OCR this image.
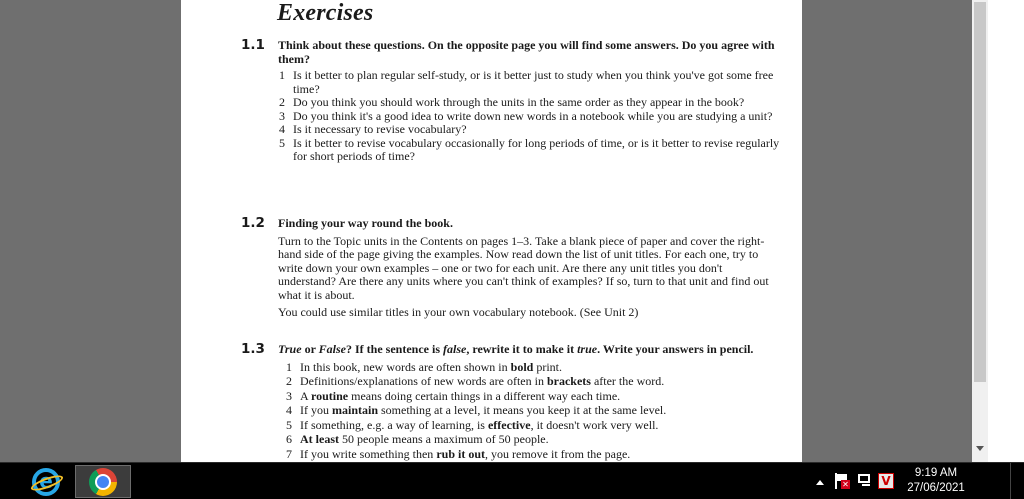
Exercises
1.1 Think about these questions. On the opposite page you will find some answers. Do you agree with them?
1 Is it better to plan regular self-study, or is it better just to study when you think you've got some free time?
2 Do you think you should work through the units in the same order as they appear in the book?
3 Do you think it's a good idea to write down new words in a notebook while you are studying a unit?
4 Is it necessary to revise vocabulary?
5 Is it better to revise vocabulary occasionally for long periods of time, or is it better to revise regularly for short periods of time?
1.2 Finding your way round the book.
Turn to the Topic units in the Contents on pages 1–3. Take a blank piece of paper and cover the right-hand side of the page giving the examples. Now read down the list of unit titles. For each one, try to write down your own examples – one or two for each unit. Are there any unit titles you don't understand? Are there any units where you can't think of examples? If so, turn to that unit and find out what it is about.
You could use similar titles in your own vocabulary notebook. (See Unit 2)
1.3 True or False? If the sentence is false, rewrite it to make it true. Write your answers in pencil.
1 In this book, new words are often shown in bold print.
2 Definitions/explanations of new words are often in brackets after the word.
3 A routine means doing certain things in a different way each time.
4 If you maintain something at a level, it means you keep it at the same level.
5 If something, e.g. a way of learning, is effective, it doesn't work very well.
6 At least 50 people means a maximum of 50 people.
7 If you write something then rub it out, you remove it from the page.
e	✕	V
9:19 AM
27/06/2021
